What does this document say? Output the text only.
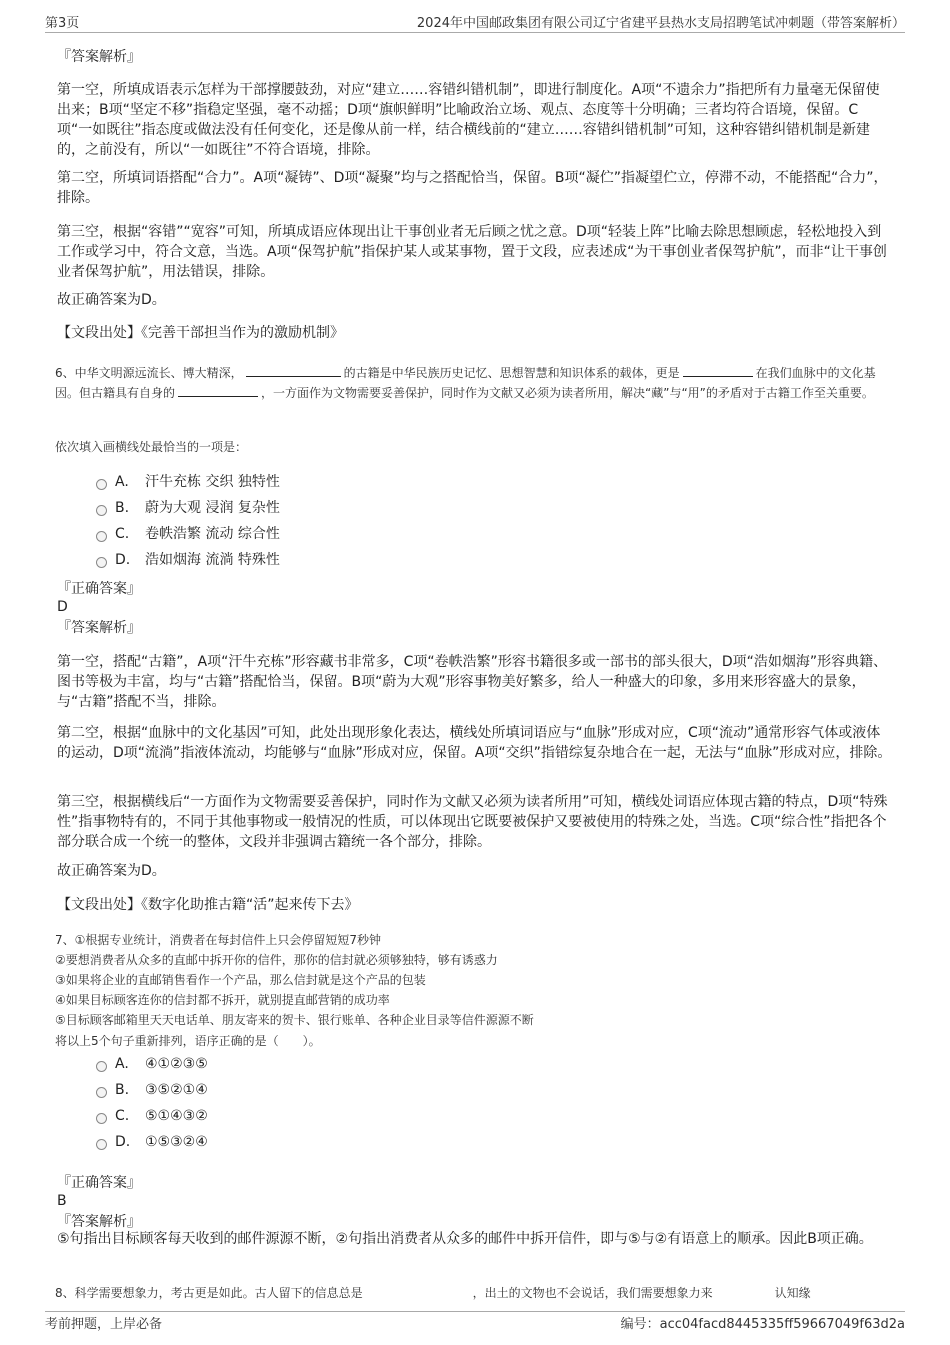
第3页	2024年中国邮政集团有限公司辽宁省建平县热水支局招聘笔试冲刺题（带答案解析）
『答案解析』
第一空，所填成语表示怎样为干部撑腰鼓劲，对应“建立……容错纠错机制”，即进行制度化。A项“不遗余力”指把所有力量毫无保留使出来；B项“坚定不移”指稳定坚强，毫不动摇；D项“旗帜鲜明”比喻政治立场、观点、态度等十分明确；三者均符合语境，保留。C项“一如既往”指态度或做法没有任何变化，还是像从前一样，结合横线前的“建立……容错纠错机制”可知，这种容错纠错机制是新建的，之前没有，所以“一如既往”不符合语境，排除。
第二空，所填词语搭配“合力”。A项“凝铸”、D项“凝聚”均与之搭配恰当，保留。B项“凝伫”指凝望伫立，停滞不动，不能搭配“合力”，排除。
第三空，根据“容错”“宽容”可知，所填成语应体现出让干事创业者无后顾之忧之意。D项“轻装上阵”比喻去除思想顾虑，轻松地投入到工作或学习中，符合文意，当选。A项“保驾护航”指保护某人或某事物，置于文段，应表述成“为干事创业者保驾护航”，而非“让干事创业者保驾护航”，用法错误，排除。
故正确答案为D。
【文段出处】《完善干部担当作为的激励机制》
6、中华文明源远流长、博大精深，	的古籍是中华民族历史记忆、思想智慧和知识体系的载体，更是	在我们血脉中的文化基因。但古籍具有自身的	，一方面作为文物需要妥善保护，同时作为文献又必须为读者所用，解决“藏”与“用”的矛盾对于古籍工作至关重要。
依次填入画横线处最恰当的一项是：
A.	汗牛充栋 交织 独特性
B.	蔚为大观 浸润 复杂性
C.	卷帙浩繁 流动 综合性
D.	浩如烟海 流淌 特殊性
『正确答案』
D
『答案解析』
第一空，搭配“古籍”，A项“汗牛充栋”形容藏书非常多，C项“卷帙浩繁”形容书籍很多或一部书的部头很大，D项“浩如烟海”形容典籍、图书等极为丰富，均与“古籍”搭配恰当，保留。B项“蔚为大观”形容事物美好繁多，给人一种盛大的印象，多用来形容盛大的景象，与“古籍”搭配不当，排除。
第二空，根据“血脉中的文化基因”可知，此处出现形象化表达，横线处所填词语应与“血脉”形成对应，C项“流动”通常形容气体或液体的运动，D项“流淌”指液体流动，均能够与“血脉”形成对应，保留。A项“交织”指错综复杂地合在一起，无法与“血脉”形成对应，排除。
第三空，根据横线后“一方面作为文物需要妥善保护，同时作为文献又必须为读者所用”可知，横线处词语应体现古籍的特点，D项“特殊性”指事物特有的，不同于其他事物或一般情况的性质，可以体现出它既要被保护又要被使用的特殊之处，当选。C项“综合性”指把各个部分联合成一个统一的整体，文段并非强调古籍统一各个部分，排除。
故正确答案为D。
【文段出处】《数字化助推古籍“活”起来传下去》
7、①根据专业统计，消费者在每封信件上只会停留短短7秒钟
②要想消费者从众多的直邮中拆开你的信件，那你的信封就必须够独特，够有诱惑力
③如果将企业的直邮销售看作一个产品，那么信封就是这个产品的包装
④如果目标顾客连你的信封都不拆开，就别提直邮营销的成功率
⑤目标顾客邮箱里天天电话单、朋友寄来的贺卡、银行账单、各种企业目录等信件源源不断
将以上5个句子重新排列，语序正确的是（　　）。
A.	④①②③⑤
B.	③⑤②①④
C.	⑤①④③②
D.	①⑤③②④
『正确答案』
B
『答案解析』
⑤句指出目标顾客每天收到的邮件源源不断，②句指出消费者从众多的邮件中拆开信件，即与⑤与②有语意上的顺承。因此B项正确。
8、科学需要想象力，考古更是如此。古人留下的信息总是	，出土的文物也不会说话，我们需要想象力来	认知缘
考前押题，上岸必备	编号：acc04facd8445335ff59667049f63d2a
